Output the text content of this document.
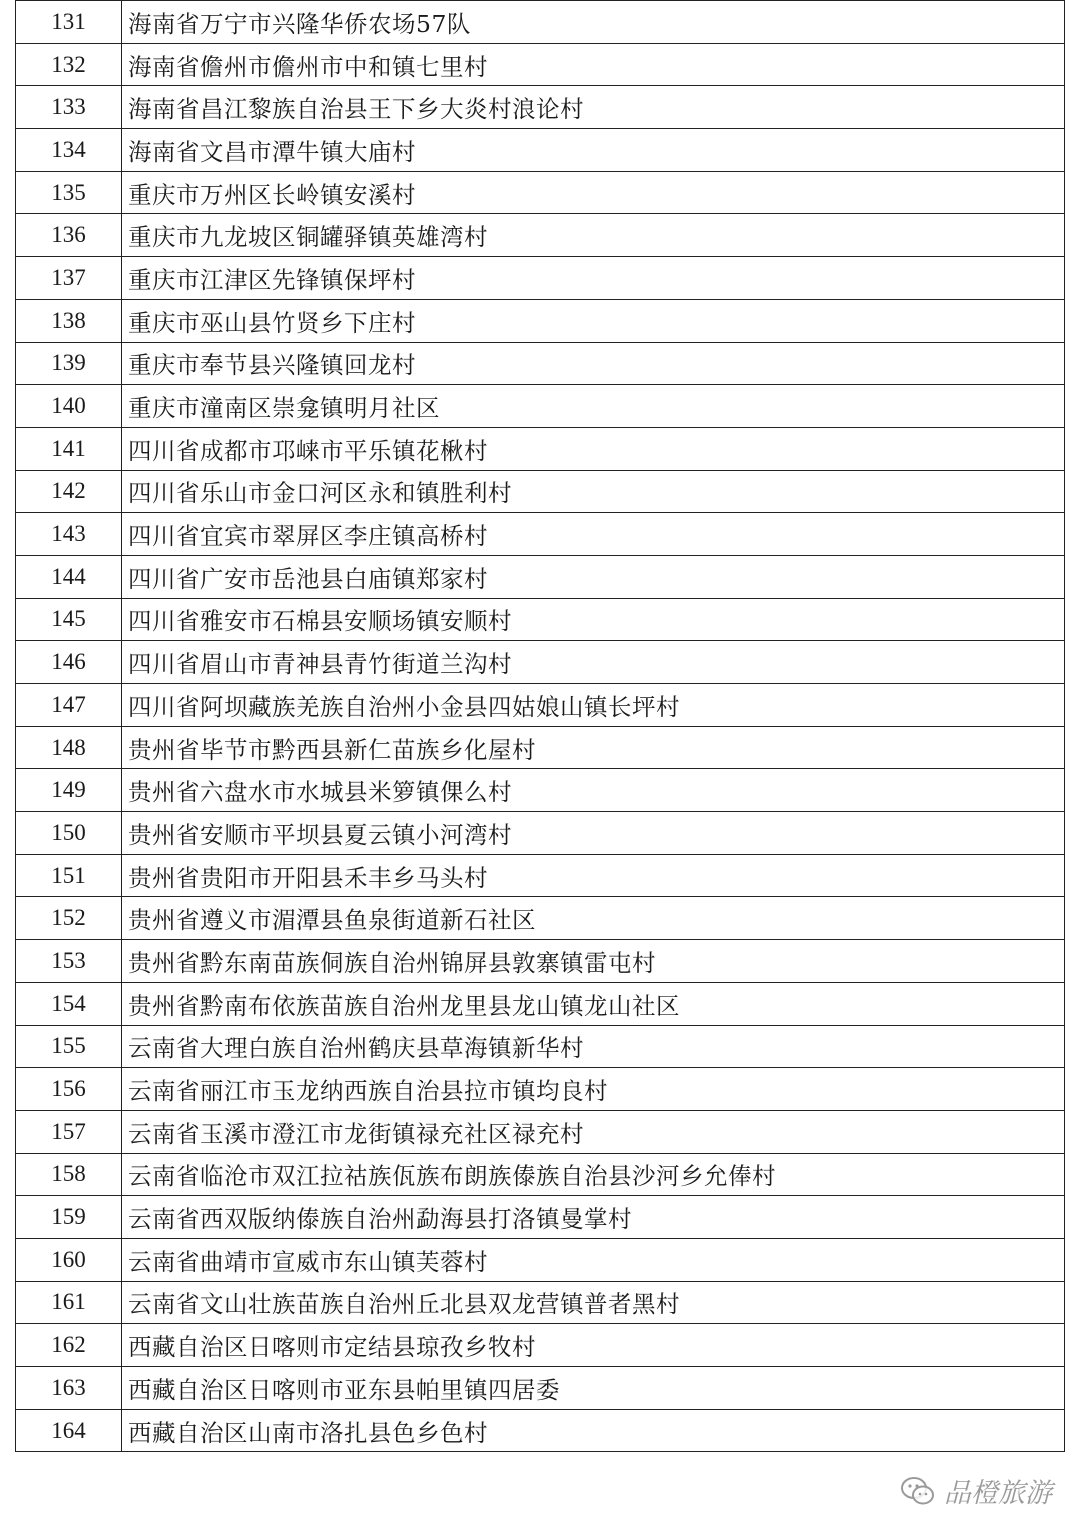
131	海南省万宁市兴隆华侨农场57队
132	海南省儋州市儋州市中和镇七里村
133	海南省昌江黎族自治县王下乡大炎村浪论村
134	海南省文昌市潭牛镇大庙村
135	重庆市万州区长岭镇安溪村
136	重庆市九龙坡区铜罐驿镇英雄湾村
137	重庆市江津区先锋镇保坪村
138	重庆市巫山县竹贤乡下庄村
139	重庆市奉节县兴隆镇回龙村
140	重庆市潼南区崇龛镇明月社区
141	四川省成都市邛崃市平乐镇花楸村
142	四川省乐山市金口河区永和镇胜利村
143	四川省宜宾市翠屏区李庄镇高桥村
144	四川省广安市岳池县白庙镇郑家村
145	四川省雅安市石棉县安顺场镇安顺村
146	四川省眉山市青神县青竹街道兰沟村
147	四川省阿坝藏族羌族自治州小金县四姑娘山镇长坪村
148	贵州省毕节市黔西县新仁苗族乡化屋村
149	贵州省六盘水市水城县米箩镇倮么村
150	贵州省安顺市平坝县夏云镇小河湾村
151	贵州省贵阳市开阳县禾丰乡马头村
152	贵州省遵义市湄潭县鱼泉街道新石社区
153	贵州省黔东南苗族侗族自治州锦屏县敦寨镇雷屯村
154	贵州省黔南布依族苗族自治州龙里县龙山镇龙山社区
155	云南省大理白族自治州鹤庆县草海镇新华村
156	云南省丽江市玉龙纳西族自治县拉市镇均良村
157	云南省玉溪市澄江市龙街镇禄充社区禄充村
158	云南省临沧市双江拉祜族佤族布朗族傣族自治县沙河乡允俸村
159	云南省西双版纳傣族自治州勐海县打洛镇曼掌村
160	云南省曲靖市宣威市东山镇芙蓉村
161	云南省文山壮族苗族自治州丘北县双龙营镇普者黑村
162	西藏自治区日喀则市定结县琼孜乡牧村
163	西藏自治区日喀则市亚东县帕里镇四居委
164	西藏自治区山南市洛扎县色乡色村
品橙旅游
